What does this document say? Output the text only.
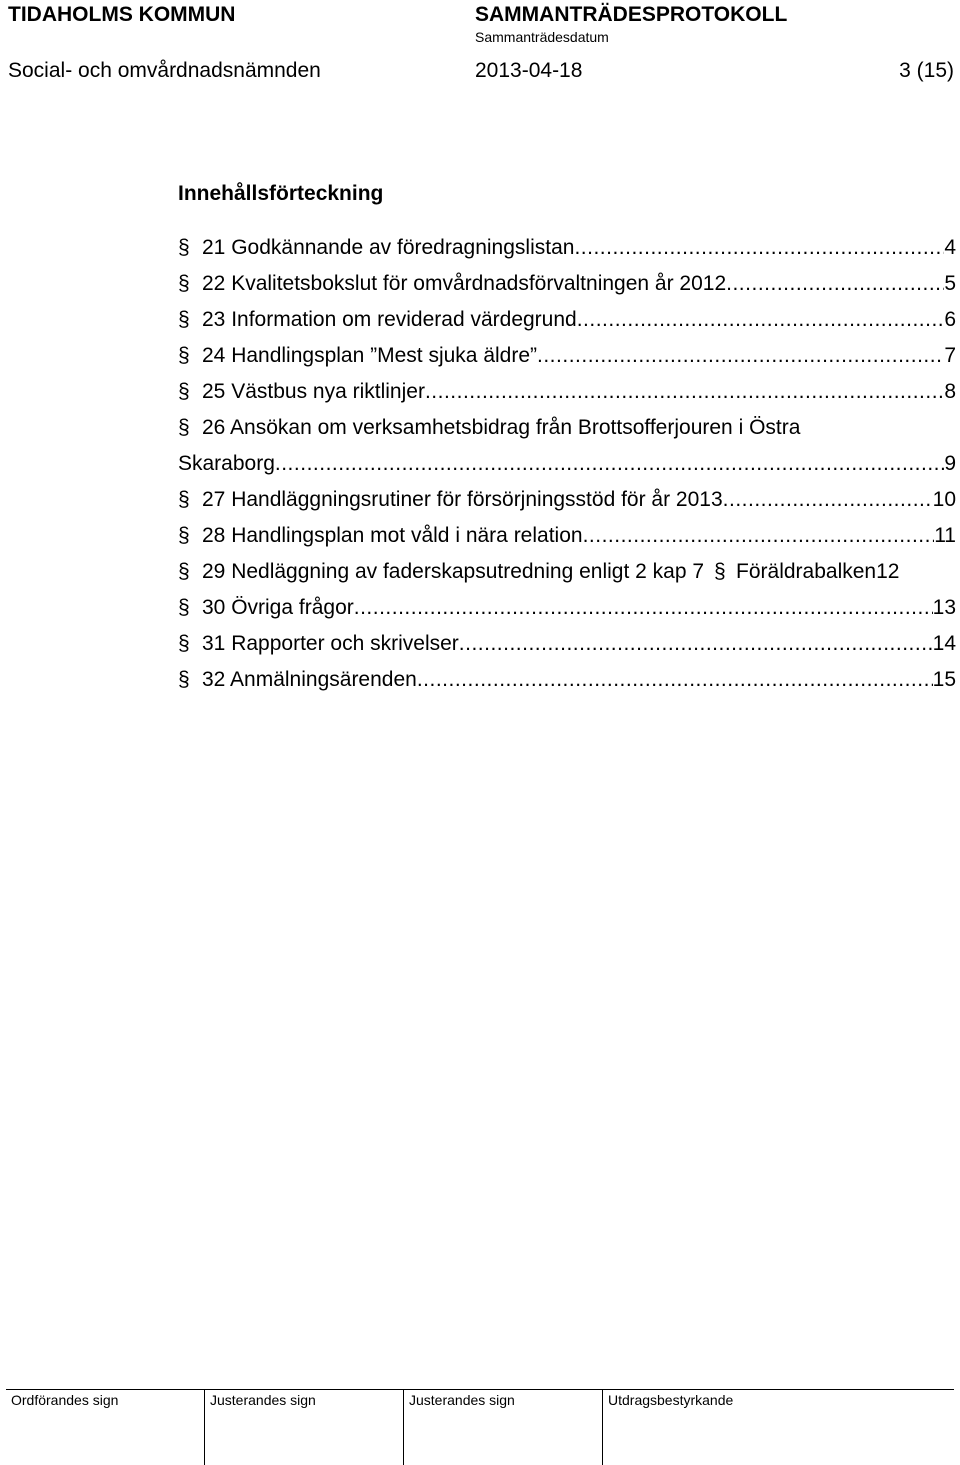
TIDAHOLMS KOMMUN	SAMMANTRÄDESPROTOKOLL
Sammanträdesdatum
Social- och omvårdnadsnämnden	2013-04-18	3 (15)
Innehållsförteckning
§ 21 Godkännande av föredragningslistan .....	4
§ 22 Kvalitetsbokslut för omvårdnadsförvaltningen år 2012 .....	5
§ 23 Information om reviderad värdegrund .....	6
§ 24 Handlingsplan ”Mest sjuka äldre” .....	7
§ 25 Västbus nya riktlinjer .....	8
§ 26 Ansökan om verksamhetsbidrag från Brottsofferjouren i Östra
Skaraborg .....	9
§ 27 Handläggningsrutiner för försörjningsstöd för år 2013 .....	10
§ 28 Handlingsplan mot våld i nära relation .....	11
§ 29 Nedläggning av faderskapsutredning enligt 2 kap 7 § Föräldrabalken 12
§ 30 Övriga frågor .....	13
§ 31 Rapporter och skrivelser .....	14
§ 32 Anmälningsärenden .....	15
Ordförandes sign	Justerandes sign	Justerandes sign	Utdragsbestyrkande
